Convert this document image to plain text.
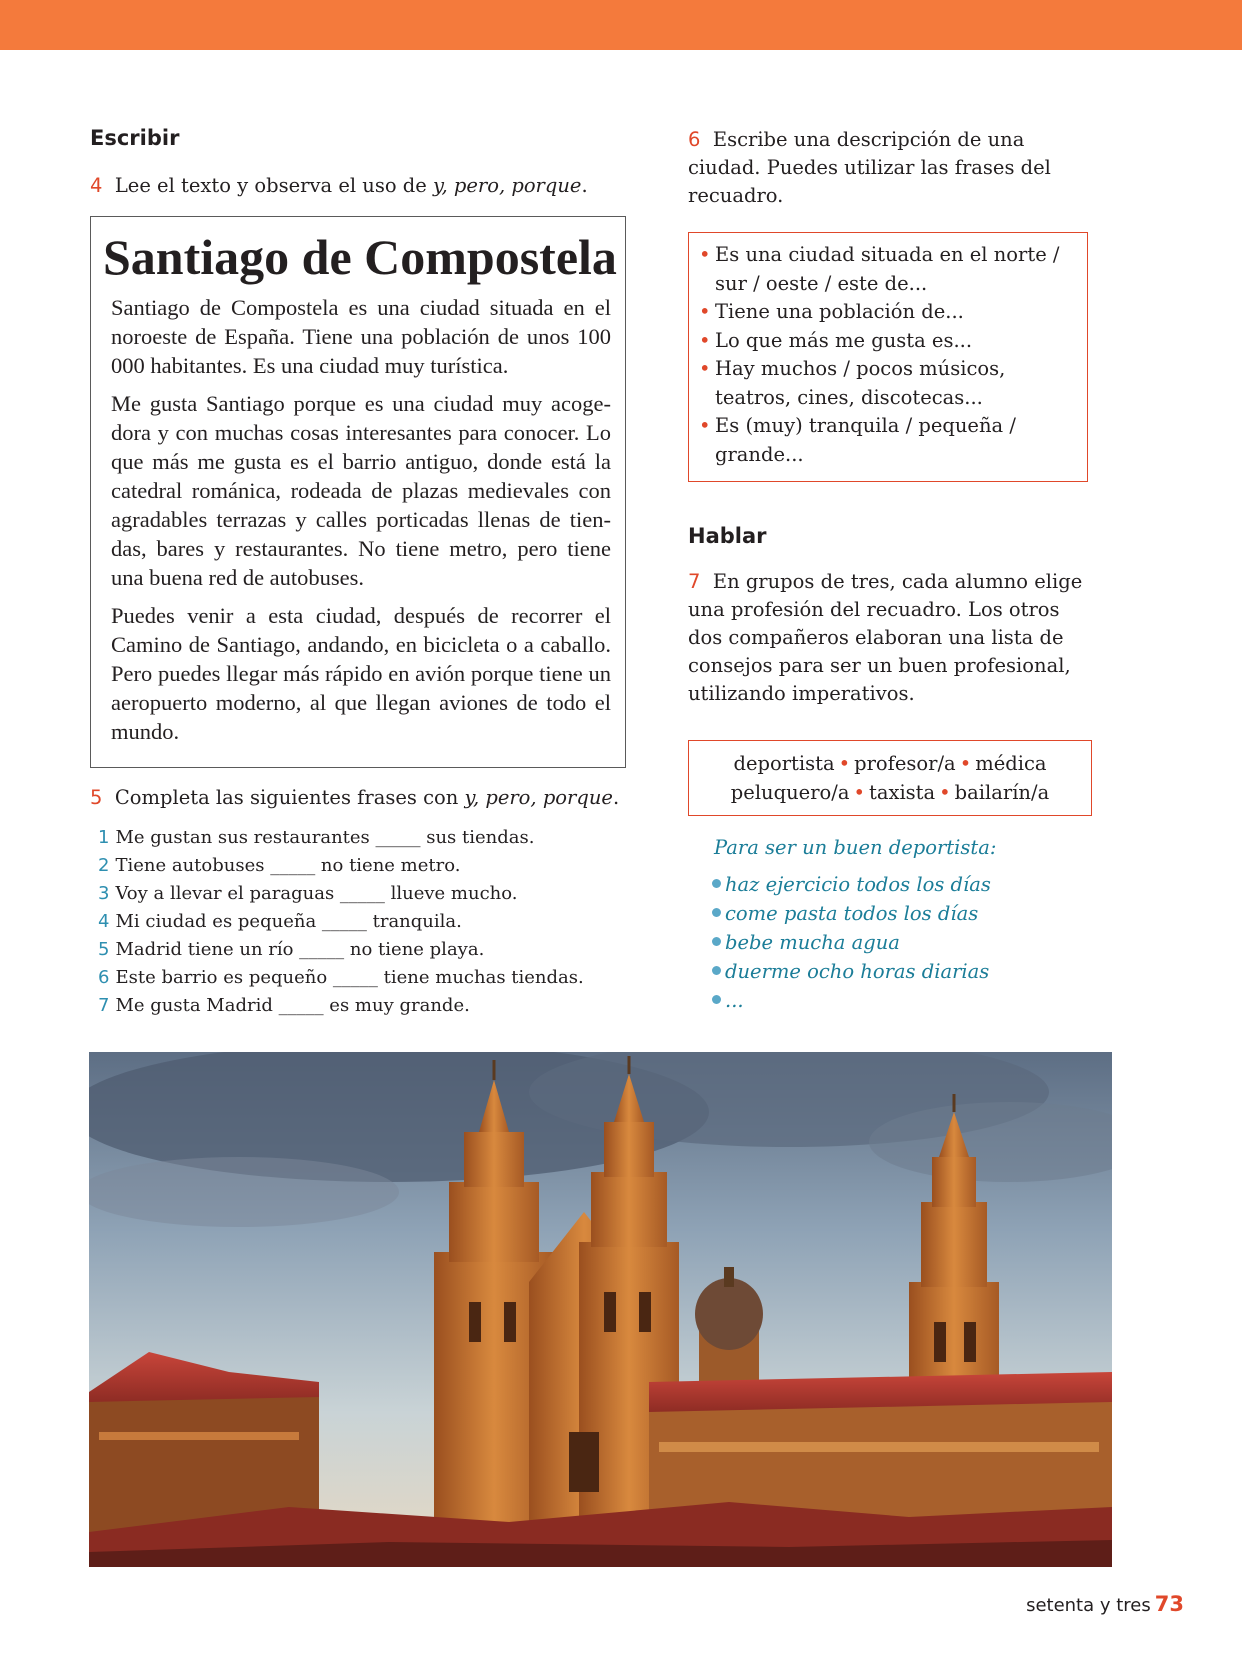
Escribir
4 Lee el texto y observa el uso de y, pero, porque.
Santiago de Compostela

Santiago de Compostela es una ciudad situada en el noroeste de España. Tiene una población de unos 100 000 habitantes. Es una ciudad muy turística.

Me gusta Santiago porque es una ciudad muy acogedora y con muchas cosas interesantes para conocer. Lo que más me gusta es el barrio antiguo, donde está la catedral románica, rodeada de plazas medievales con agradables terrazas y calles porticadas llenas de tiendas, bares y restaurantes. No tiene metro, pero tiene una buena red de autobuses.

Puedes venir a esta ciudad, después de recorrer el Camino de Santiago, andando, en bicicleta o a caballo. Pero puedes llegar más rápido en avión porque tiene un aeropuerto moderno, al que llegan aviones de todo el mundo.

5 Completa las siguientes frases con y, pero, porque.
1 Me gustan sus restaurantes _____ sus tiendas.
2 Tiene autobuses _____ no tiene metro.
3 Voy a llevar el paraguas _____ llueve mucho.
4 Mi ciudad es pequeña _____ tranquila.
5 Madrid tiene un río _____ no tiene playa.
6 Este barrio es pequeño _____ tiene muchas tiendas.
7 Me gusta Madrid _____ es muy grande.
6 Escribe una descripción de una ciudad. Puedes utilizar las frases del recuadro.
• Es una ciudad situada en el norte / sur / oeste / este de...
• Tiene una población de...
• Lo que más me gusta es...
• Hay muchos / pocos músicos, teatros, cines, discotecas...
• Es (muy) tranquila / pequeña / grande...
Hablar
7 En grupos de tres, cada alumno elige una profesión del recuadro. Los otros dos compañeros elaboran una lista de consejos para ser un buen profesional, utilizando imperativos.
deportista • profesor/a • médica
peluquero/a • taxista • bailarín/a
Para ser un buen deportista:
haz ejercicio todos los días
come pasta todos los días
bebe mucha agua
duerme ocho horas diarias
...
setenta y tres 73
